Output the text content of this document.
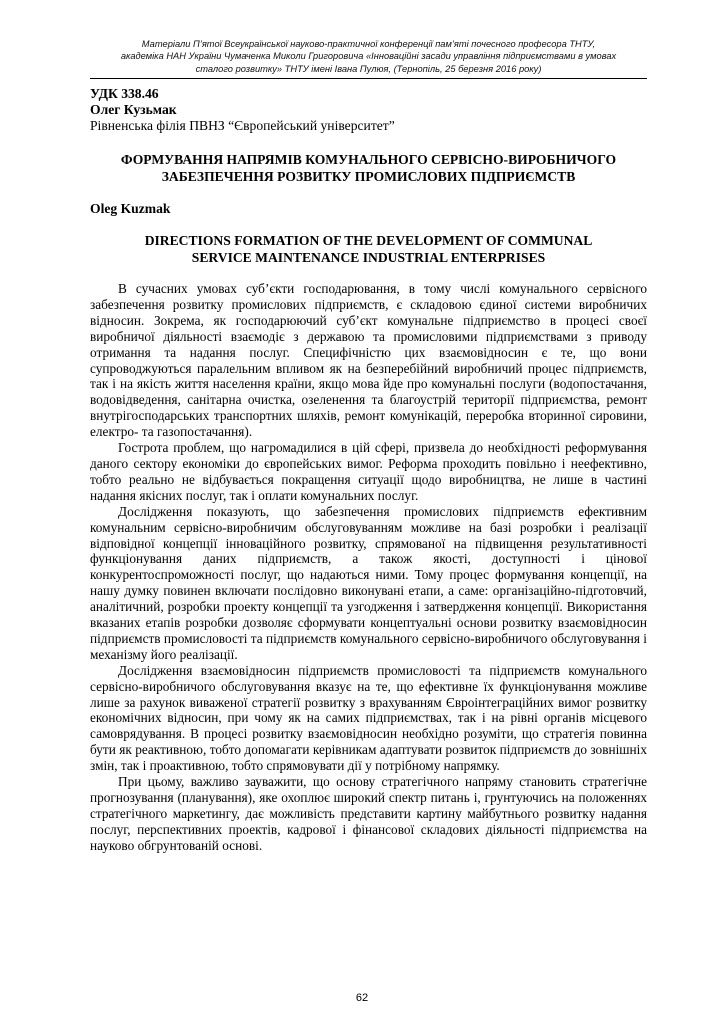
Матеріали П’ятої Всеукраїнської науково-практичної конференції пам’яті почесного професора ТНТУ,
академіка НАН України Чумаченка Миколи Григоровича «Інноваційні засади управління підприємствами в умовах
сталого розвитку» ТНТУ імені Івана Пулюя, (Тернопіль, 25 березня 2016 року)
УДК 338.46
Олег Кузьмак
Рівненська філія ПВНЗ “Європейський університет”
ФОРМУВАННЯ НАПРЯМІВ КОМУНАЛЬНОГО СЕРВІСНО-ВИРОБНИЧОГО
ЗАБЕЗПЕЧЕННЯ РОЗВИТКУ ПРОМИСЛОВИХ ПІДПРИЄМСТВ
Oleg Kuzmak
DIRECTIONS FORMATION OF THE DEVELOPMENT OF COMMUNAL
SERVICE MAINTENANCE INDUSTRIAL ENTERPRISES

В сучасних умовах суб’єкти господарювання, в тому числі комунального сервісного забезпечення розвитку промислових підприємств, є складовою єдиної системи виробничих відносин. Зокрема, як господарюючий суб’єкт комунальне підприємство в процесі своєї виробничої діяльності взаємодіє з державою та промисловими підприємствами з приводу отримання та надання послуг. Специфічністю цих взаємовідносин є те, що вони супроводжуються паралельним впливом як на безперебійний виробничий процес підприємств, так і на якість життя населення країни, якщо мова йде про комунальні послуги (водопостачання, водовідведення, санітарна очистка, озеленення та благоустрій території підприємства, ремонт внутрігосподарських транспортних шляхів, ремонт комунікацій, переробка вторинної сировини, електро- та газопостачання).

Гострота проблем, що нагромадилися в цій сфері, призвела до необхідності реформування даного сектору економіки до європейських вимог. Реформа проходить повільно і неефективно, тобто реально не відбувається покращення ситуації щодо виробництва, не лише в частині надання якісних послуг, так і оплати комунальних послуг.

Дослідження показують, що забезпечення промислових підприємств ефективним комунальним сервісно-виробничим обслуговуванням можливе на базі розробки і реалізації відповідної концепції інноваційного розвитку, спрямованої на підвищення результативності функціонування даних підприємств, а також якості, доступності і цінової конкурентоспроможності послуг, що надаються ними. Тому процес формування концепції, на нашу думку повинен включати послідовно виконувані етапи, а саме: організаційно-підготовчий, аналітичний, розробки проекту концепції та узгодження і затвердження концепції. Використання вказаних етапів розробки дозволяє сформувати концептуальні основи розвитку взаємовідносин підприємств промисловості та підприємств комунального сервісно-виробничого обслуговування і механізму його реалізації.

Дослідження взаємовідносин підприємств промисловості та підприємств комунального сервісно-виробничого обслуговування вказує на те, що ефективне їх функціонування можливе лише за рахунок виваженої стратегії розвитку з врахуванням Євроінтеграційних вимог розвитку економічних відносин, при чому як на самих підприємствах, так і на рівні органів місцевого самоврядування. В процесі розвитку взаємовідносин необхідно розуміти, що стратегія повинна бути як реактивною, тобто допомагати керівникам адаптувати розвиток підприємств до зовнішніх змін, так і проактивною, тобто спрямовувати дії у потрібному напрямку.

При цьому, важливо зауважити, що основу стратегічного напряму становить стратегічне прогнозування (планування), яке охоплює широкий спектр питань і, грунтуючись на положеннях стратегічного маркетингу, дає можливість представити картину майбутнього розвитку надання послуг, перспективних проектів, кадрової і фінансової складових діяльності підприємства на науково обгрунтованій основі.

62
